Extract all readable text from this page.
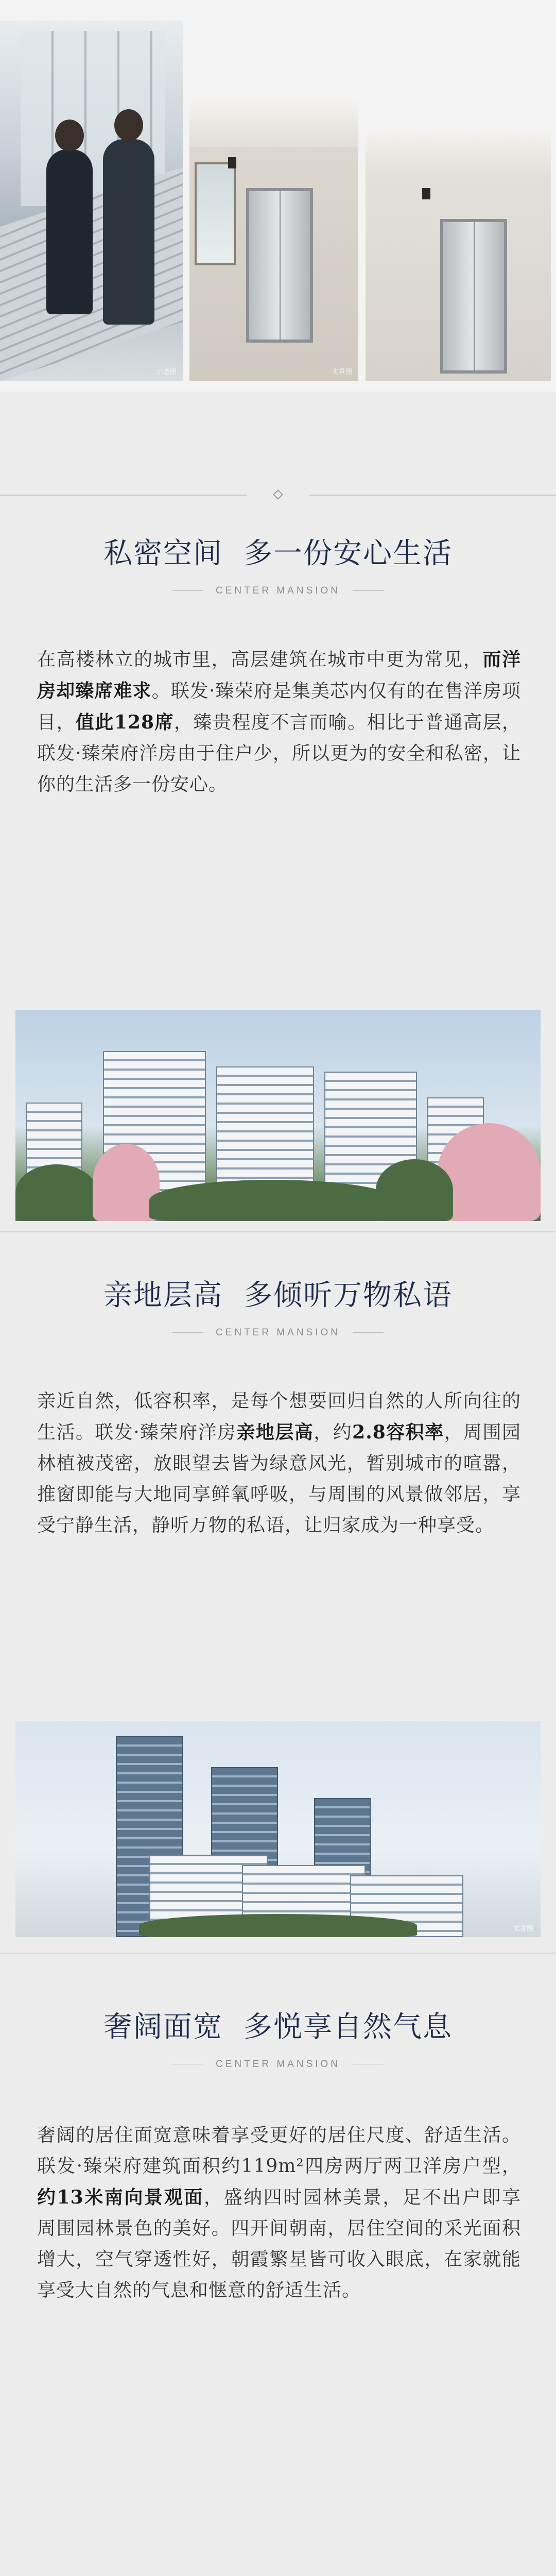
示意图	实景图
私密空间 多一份安心生活
CENTER MANSION
在高楼林立的城市里，高层建筑在城市中更为常见，而洋房却臻席难求。联发·臻荣府是集美芯内仅有的在售洋房项目，值此128席，臻贵程度不言而喻。相比于普通高层，联发·臻荣府洋房由于住户少，所以更为的安全和私密，让你的生活多一份安心。
亲地层高 多倾听万物私语
CENTER MANSION
亲近自然，低容积率，是每个想要回归自然的人所向往的生活。联发·臻荣府洋房亲地层高，约2.8容积率，周围园林植被茂密，放眼望去皆为绿意风光，暂别城市的喧嚣，推窗即能与大地同享鲜氧呼吸，与周围的风景做邻居，享受宁静生活，静听万物的私语，让归家成为一种享受。
实景图
奢阔面宽 多悦享自然气息
CENTER MANSION
奢阔的居住面宽意味着享受更好的居住尺度、舒适生活。联发·臻荣府建筑面积约119m²四房两厅两卫洋房户型，约13米南向景观面，盛纳四时园林美景，足不出户即享周围园林景色的美好。四开间朝南，居住空间的采光面积增大，空气穿透性好，朝霞繁星皆可收入眼底，在家就能享受大自然的气息和惬意的舒适生活。
